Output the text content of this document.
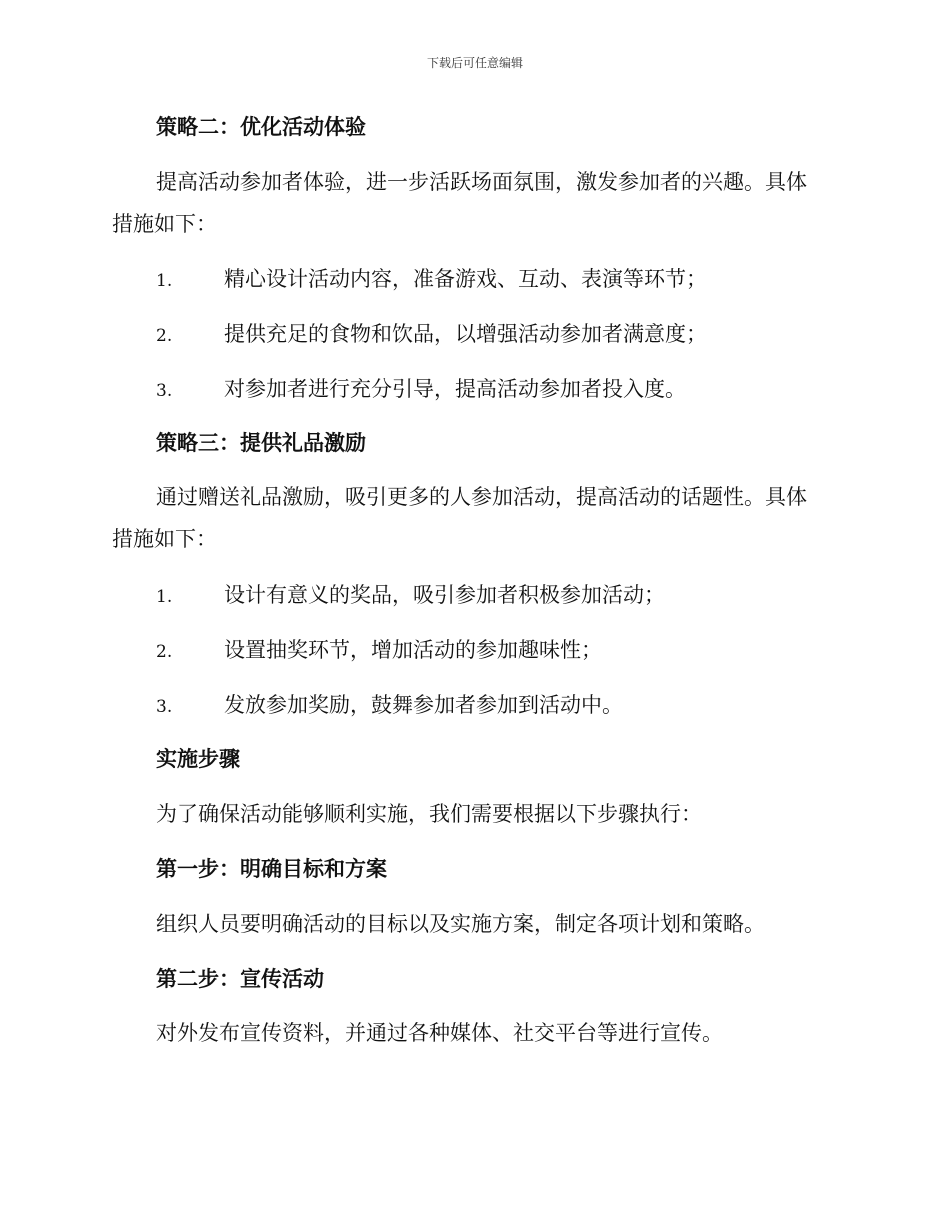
下载后可任意编辑
策略二：优化活动体验
提高活动参加者体验，进一步活跃场面氛围，激发参加者的兴趣。具体
措施如下：
1. 精心设计活动内容，准备游戏、互动、表演等环节；
2. 提供充足的食物和饮品，以增强活动参加者满意度；
3. 对参加者进行充分引导，提高活动参加者投入度。
策略三：提供礼品激励
通过赠送礼品激励，吸引更多的人参加活动，提高活动的话题性。具体
措施如下：
1. 设计有意义的奖品，吸引参加者积极参加活动；
2. 设置抽奖环节，增加活动的参加趣味性；
3. 发放参加奖励，鼓舞参加者参加到活动中。
实施步骤
为了确保活动能够顺利实施，我们需要根据以下步骤执行：
第一步：明确目标和方案
组织人员要明确活动的目标以及实施方案，制定各项计划和策略。
第二步：宣传活动
对外发布宣传资料，并通过各种媒体、社交平台等进行宣传。
